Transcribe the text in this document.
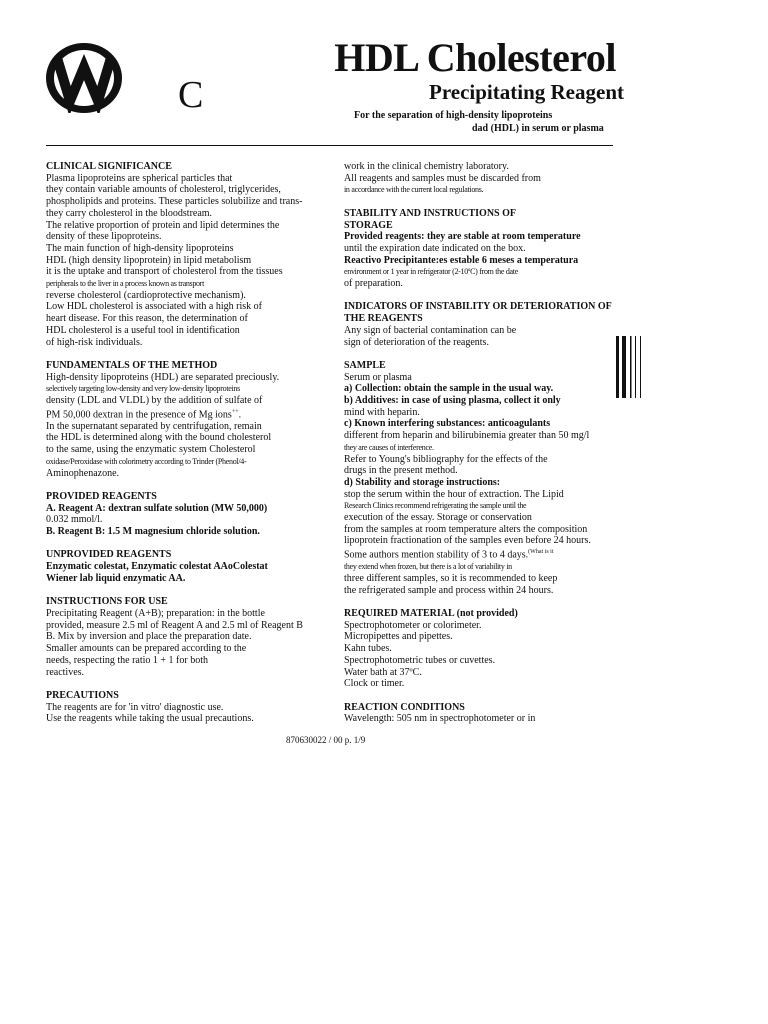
C
HDL Cholesterol
Precipitating Reagent
For the separation of high-density lipoproteins
dad (HDL) in serum or plasma
CLINICAL SIGNIFICANCE

Plasma lipoproteins are spherical particles that

they contain variable amounts of cholesterol, triglycerides,

phospholipids and proteins. These particles solubilize and trans-

they carry cholesterol in the bloodstream.

The relative proportion of protein and lipid determines the

density of these lipoproteins.

The main function of high-density lipoproteins

HDL (high density lipoprotein) in lipid metabolism

it is the uptake and transport of cholesterol from the tissues

peripherals to the liver in a process known as transport

reverse cholesterol (cardioprotective mechanism).

Low HDL cholesterol is associated with a high risk of

heart disease. For this reason, the determination of

HDL cholesterol is a useful tool in identification

of high-risk individuals.

FUNDAMENTALS OF THE METHOD

High-density lipoproteins (HDL) are separated preciously.

selectively targeting low-density and very low-density lipoproteins

density (LDL and VLDL) by the addition of sulfate of

PM 50,000 dextran in the presence of Mg ions++.

In the supernatant separated by centrifugation, remain

the HDL is determined along with the bound cholesterol

to the same, using the enzymatic system Cholesterol

oxidase/Peroxidase with colorimetry according to Trinder (Phenol/4-

Aminophenazone.

PROVIDED REAGENTS

A. Reagent A: dextran sulfate solution (MW 50,000)

0.032 mmol/l.

B. Reagent B: 1.5 M magnesium chloride solution.

UNPROVIDED REAGENTS

Enzymatic colestat, Enzymatic colestat AAoColestat

Wiener lab liquid enzymatic AA.

INSTRUCTIONS FOR USE

Precipitating Reagent (A+B); preparation: in the bottle

provided, measure 2.5 ml of Reagent A and 2.5 ml of Reagent B

B. Mix by inversion and place the preparation date.

Smaller amounts can be prepared according to the

needs, respecting the ratio 1 + 1 for both

reactives.

PRECAUTIONS

The reagents are for 'in vitro' diagnostic use.

Use the reagents while taking the usual precautions.

work in the clinical chemistry laboratory.

All reagents and samples must be discarded from

in accordance with the current local regulations.

STABILITY AND INSTRUCTIONS OF
STORAGE

Provided reagents: they are stable at room temperature

until the expiration date indicated on the box.

Reactivo Precipitante:es estable 6 meses a temperatura

environment or 1 year in refrigerator (2-10ºC) from the date

of preparation.

INDICATORS OF INSTABILITY OR DETERIORATION OF THE REAGENTS

Any sign of bacterial contamination can be

sign of deterioration of the reagents.

SAMPLE

Serum or plasma

a) Collection: obtain the sample in the usual way.

b) Additives: in case of using plasma, collect it only

mind with heparin.

c) Known interfering substances: anticoagulants

different from heparin and bilirubinemia greater than 50 mg/l

they are causes of interference.

Refer to Young's bibliography for the effects of the

drugs in the present method.

d) Stability and storage instructions:

stop the serum within the hour of extraction. The Lipid

Research Clinics recommend refrigerating the sample until the

execution of the essay. Storage or conservation

from the samples at room temperature alters the composition

lipoprotein fractionation of the samples even before 24 hours.

Some authors mention stability of 3 to 4 days.$^{(What is it}$

they extend when frozen, but there is a lot of variability in

three different samples, so it is recommended to keep

the refrigerated sample and process within 24 hours.

REQUIRED MATERIAL (not provided)

Spectrophotometer or colorimeter.

Micropipettes and pipettes.

Kahn tubes.

Spectrophotometric tubes or cuvettes.

Water bath at 37ºC.

Clock or timer.

REACTION CONDITIONS

Wavelength: 505 nm in spectrophotometer or in

870630022 / 00 p. 1/9
